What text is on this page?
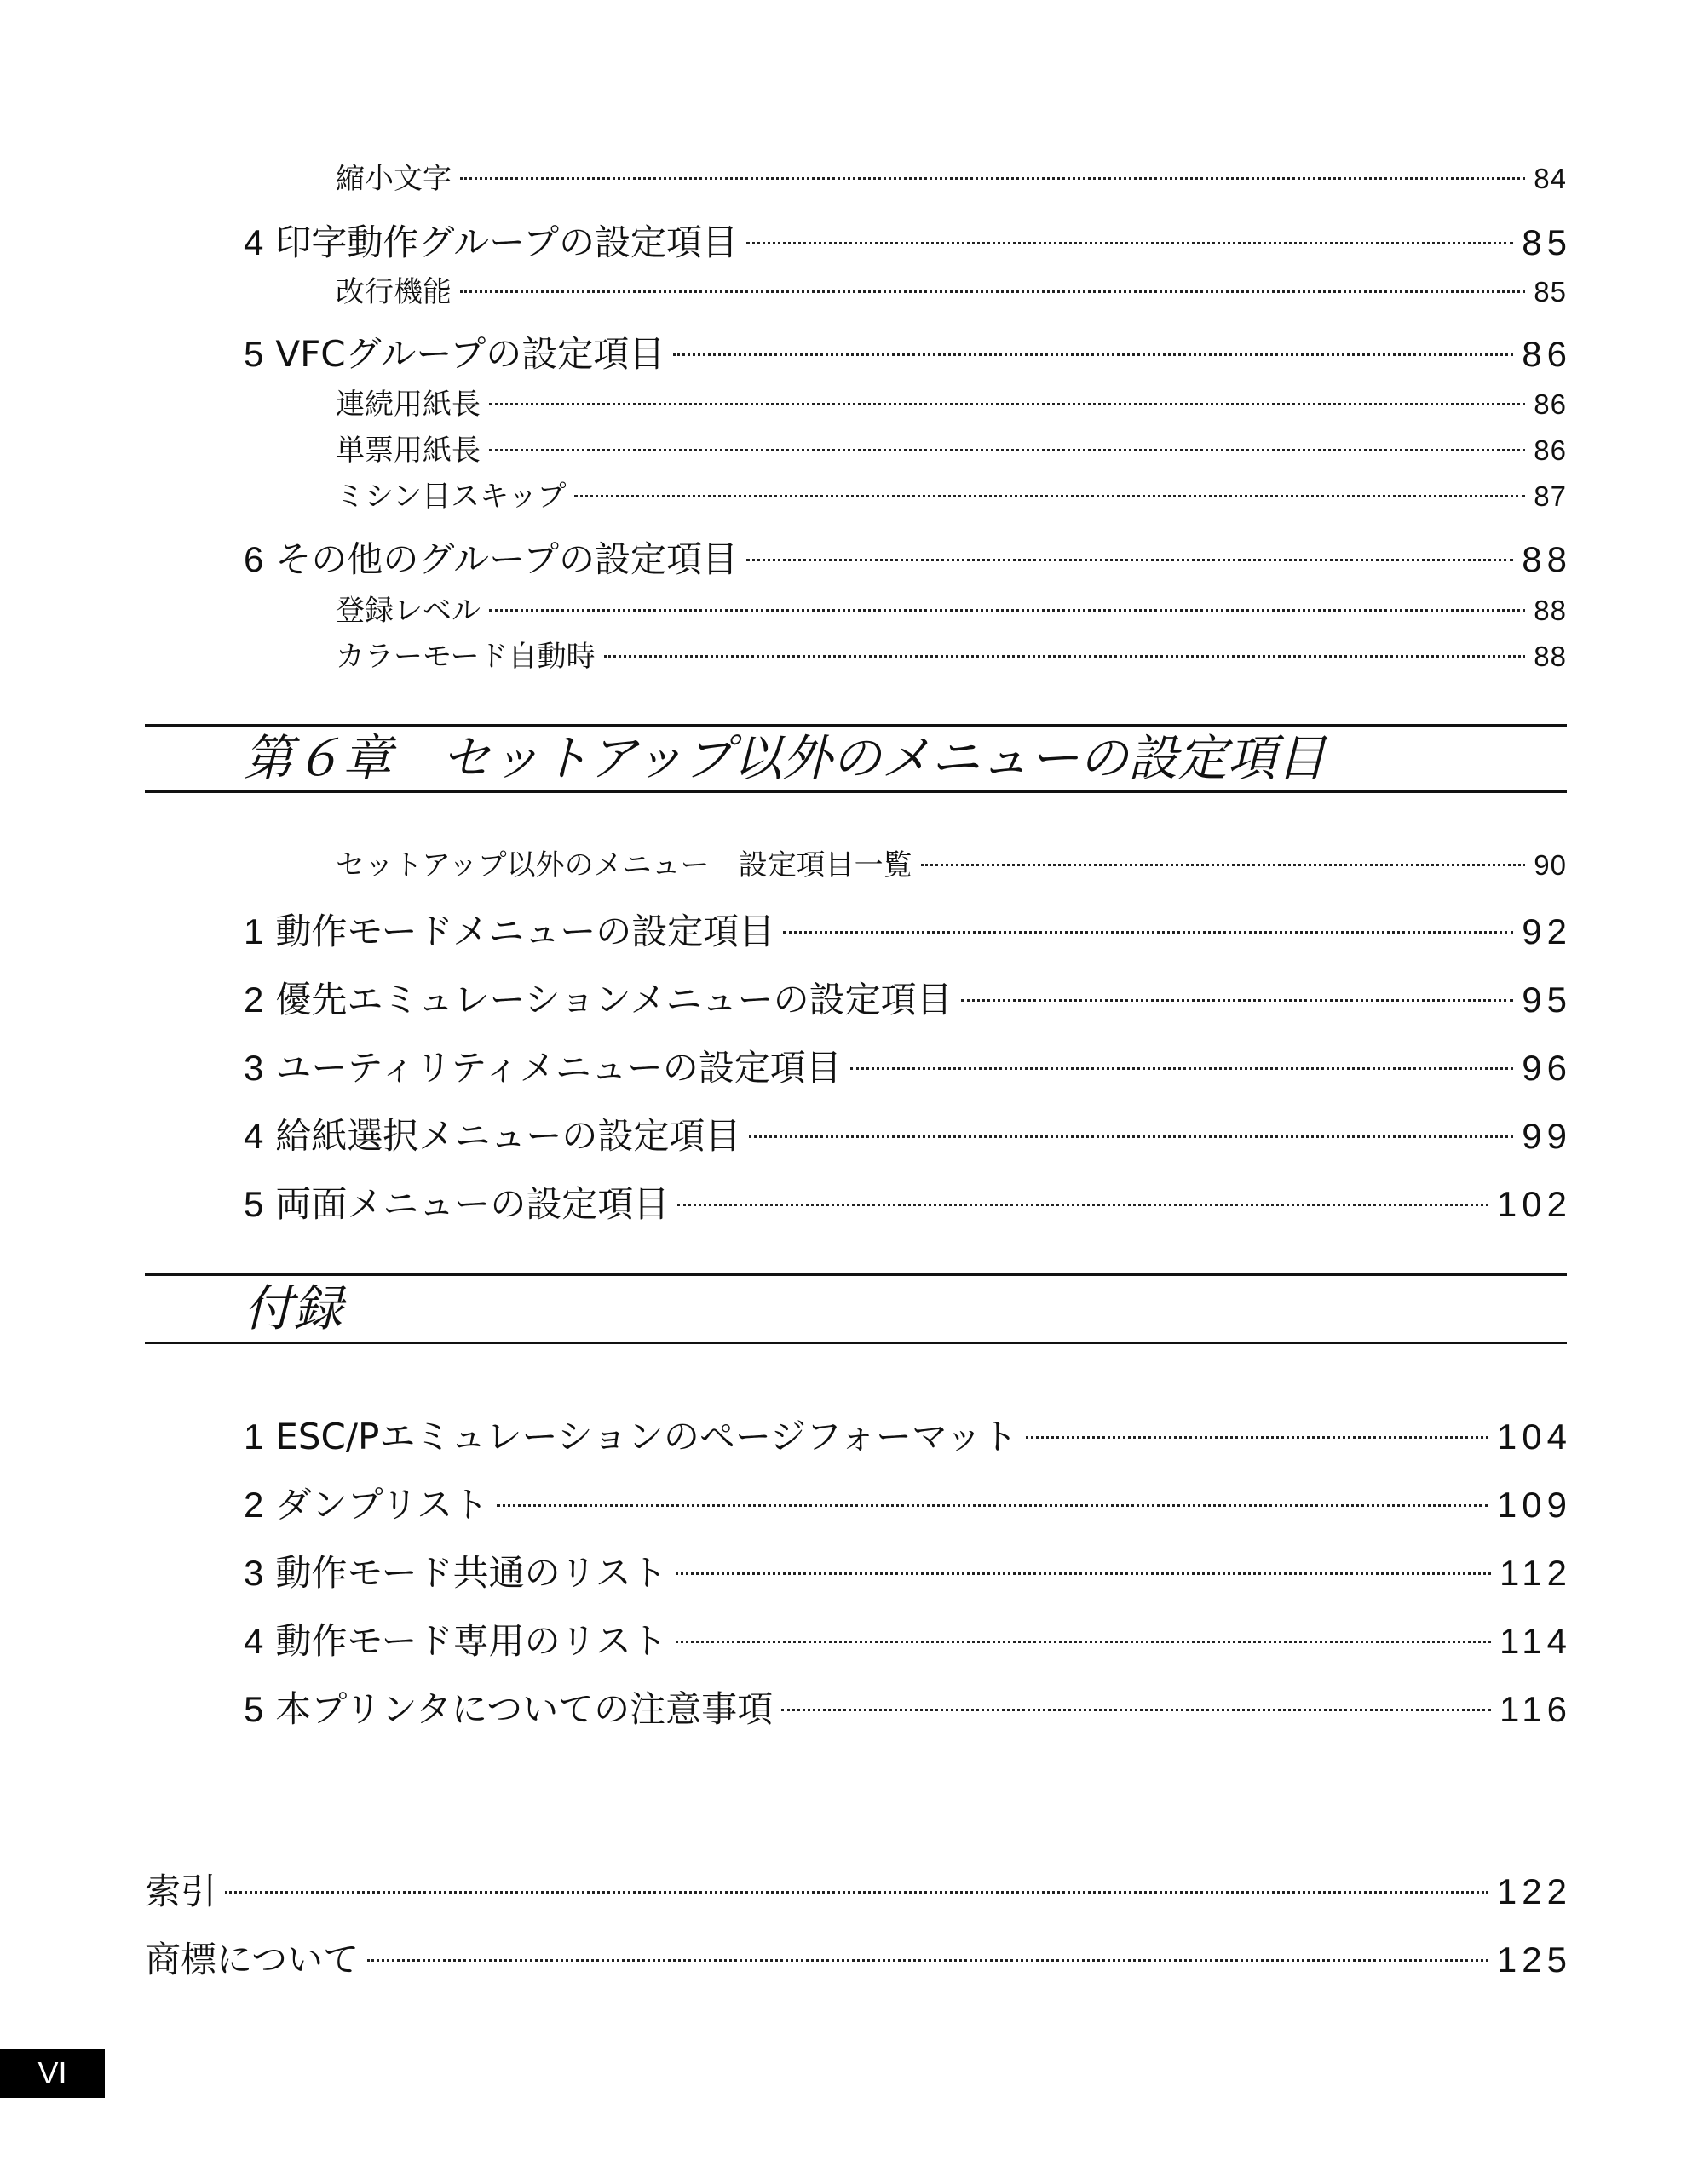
縮小文字	84
4 印字動作グループの設定項目	85
改行機能	85
5 VFCグループの設定項目	86
連続用紙長	86
単票用紙長	86
ミシン目スキップ	87
6 その他のグループの設定項目	88
登録レベル	88
カラーモード自動時	88
第６章　セットアップ以外のメニューの設定項目
セットアップ以外のメニュー　設定項目一覧	90
1 動作モードメニューの設定項目	92
2 優先エミュレーションメニューの設定項目	95
3 ユーティリティメニューの設定項目	96
4 給紙選択メニューの設定項目	99
5 両面メニューの設定項目	102
付録
1 ESC/Pエミュレーションのページフォーマット	104
2 ダンプリスト	109
3 動作モード共通のリスト	112
4 動作モード専用のリスト	114
5 本プリンタについての注意事項	116
索引	122
商標について	125
VI
